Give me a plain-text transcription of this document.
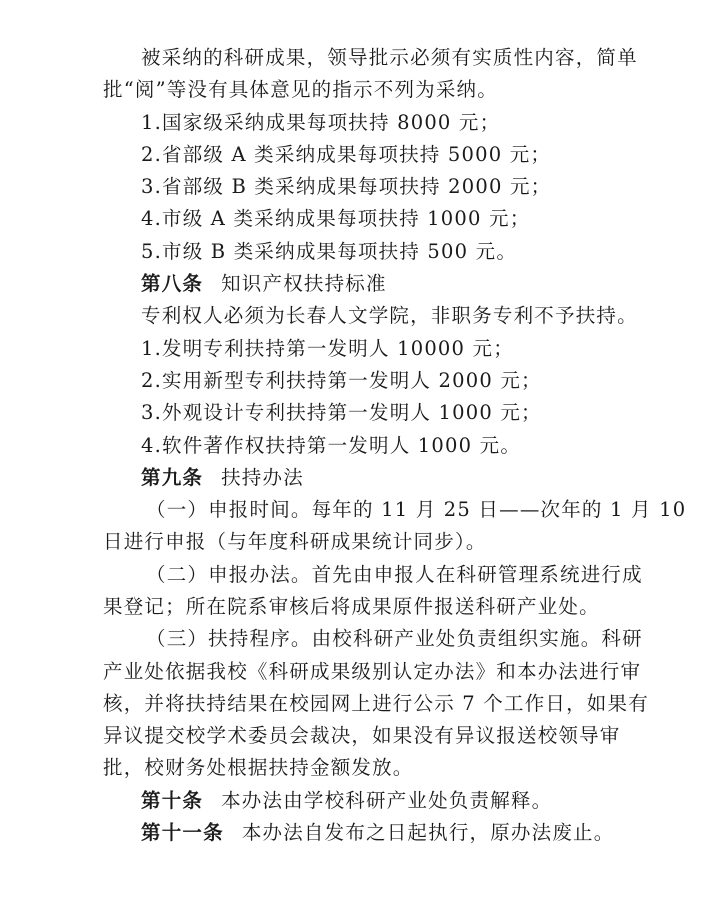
被采纳的科研成果，领导批示必须有实质性内容，简单
批“阅”等没有具体意见的指示不列为采纳。
1.国家级采纳成果每项扶持 8000 元；
2.省部级 A 类采纳成果每项扶持 5000 元；
3.省部级 B 类采纳成果每项扶持 2000 元；
4.市级 A 类采纳成果每项扶持 1000 元；
5.市级 B 类采纳成果每项扶持 500 元。
第八条 知识产权扶持标准
专利权人必须为长春人文学院，非职务专利不予扶持。
1.发明专利扶持第一发明人 10000 元；
2.实用新型专利扶持第一发明人 2000 元；
3.外观设计专利扶持第一发明人 1000 元；
4.软件著作权扶持第一发明人 1000 元。
第九条 扶持办法
（一）申报时间。每年的 11 月 25 日——次年的 1 月 10
日进行申报（与年度科研成果统计同步）。
（二）申报办法。首先由申报人在科研管理系统进行成
果登记；所在院系审核后将成果原件报送科研产业处。
（三）扶持程序。由校科研产业处负责组织实施。科研
产业处依据我校《科研成果级别认定办法》和本办法进行审
核，并将扶持结果在校园网上进行公示 7 个工作日，如果有
异议提交校学术委员会裁决，如果没有异议报送校领导审
批，校财务处根据扶持金额发放。
第十条 本办法由学校科研产业处负责解释。
第十一条 本办法自发布之日起执行，原办法废止。
